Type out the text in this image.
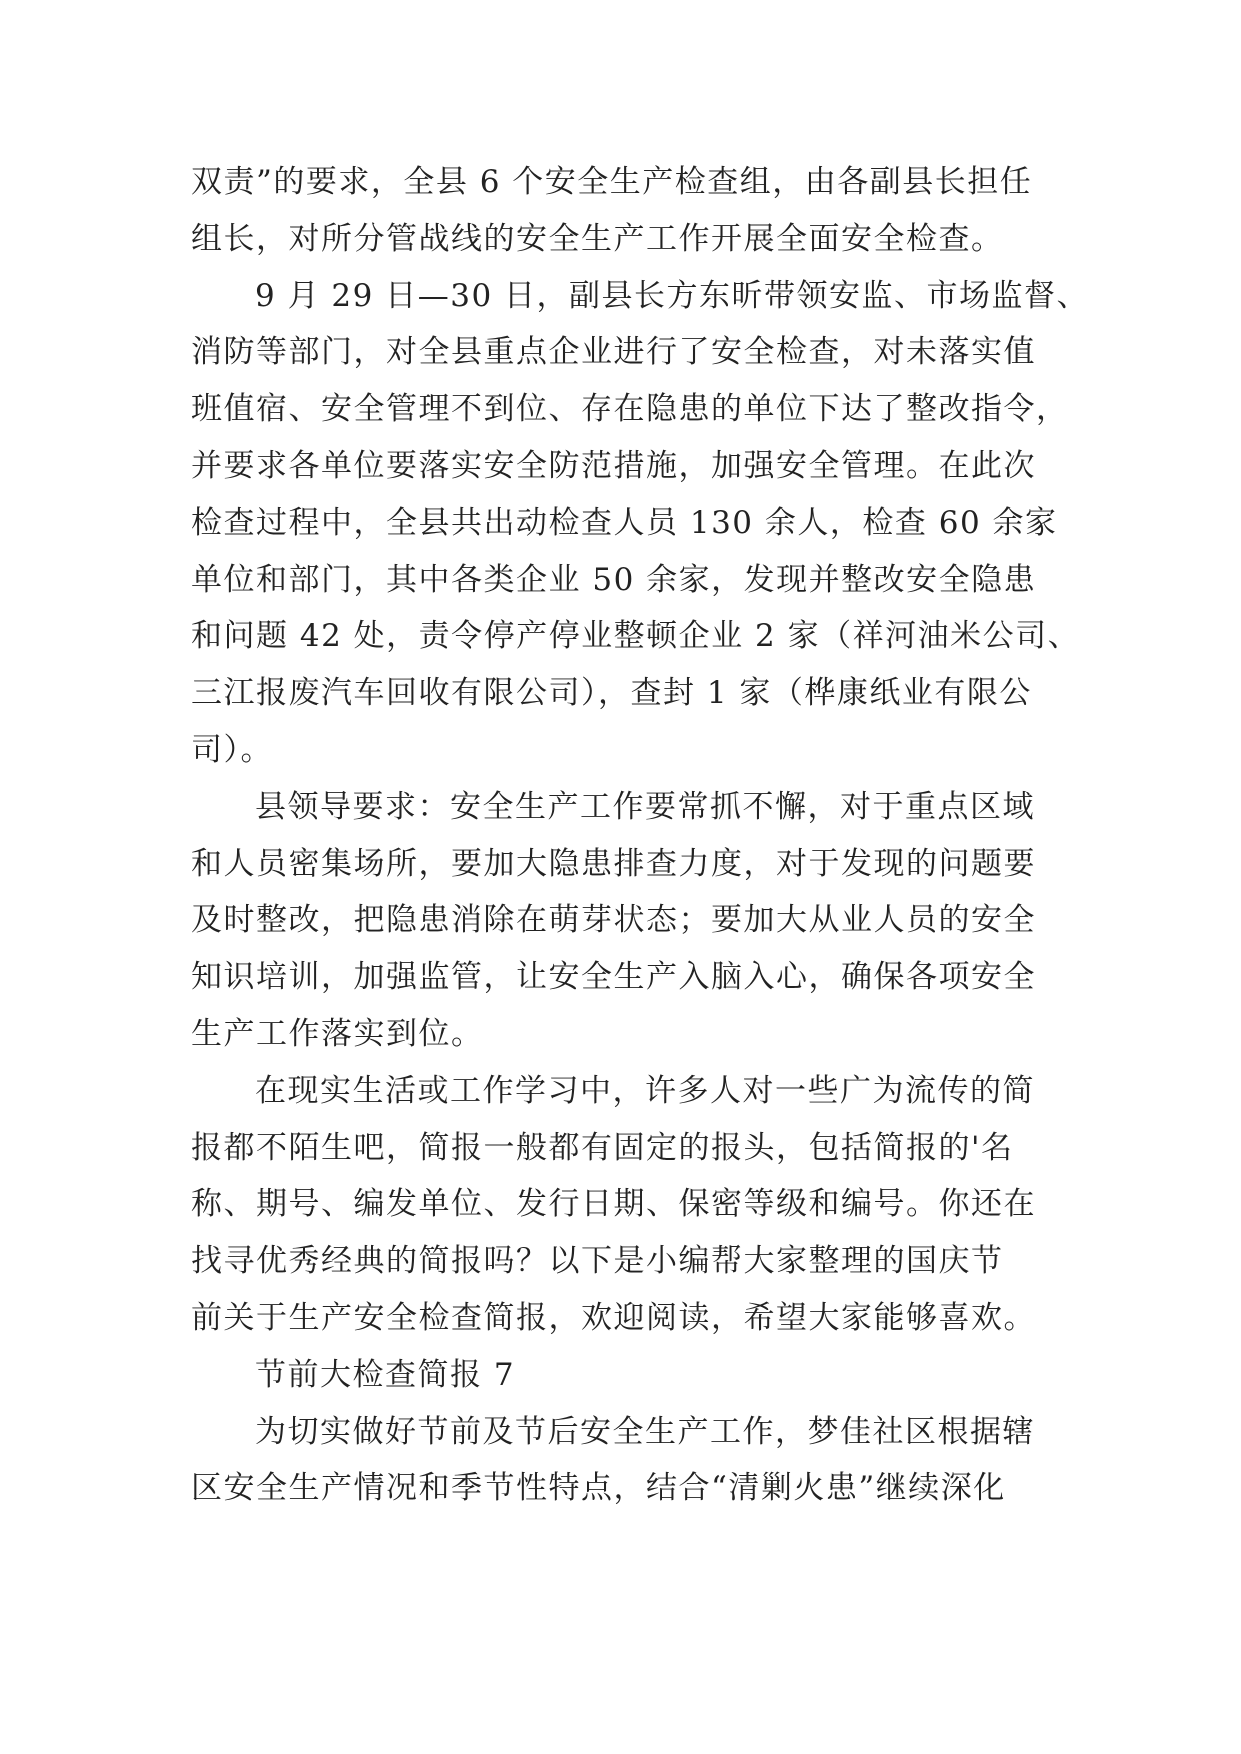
双责”的要求，全县 6 个安全生产检查组，由各副县长担任
组长，对所分管战线的安全生产工作开展全面安全检查。
9 月 29 日—30 日，副县长方东昕带领安监、市场监督、
消防等部门，对全县重点企业进行了安全检查，对未落实值
班值宿、安全管理不到位、存在隐患的单位下达了整改指令，
并要求各单位要落实安全防范措施，加强安全管理。在此次
检查过程中，全县共出动检查人员 130 余人，检查 60 余家
单位和部门，其中各类企业 50 余家，发现并整改安全隐患
和问题 42 处，责令停产停业整顿企业 2 家（祥河油米公司、
三江报废汽车回收有限公司），查封 1 家（桦康纸业有限公
司）。
县领导要求：安全生产工作要常抓不懈，对于重点区域
和人员密集场所，要加大隐患排查力度，对于发现的问题要
及时整改，把隐患消除在萌芽状态；要加大从业人员的安全
知识培训，加强监管，让安全生产入脑入心，确保各项安全
生产工作落实到位。
在现实生活或工作学习中，许多人对一些广为流传的简
报都不陌生吧，简报一般都有固定的报头，包括简报的'名
称、期号、编发单位、发行日期、保密等级和编号。你还在
找寻优秀经典的简报吗？以下是小编帮大家整理的国庆节
前关于生产安全检查简报，欢迎阅读，希望大家能够喜欢。
节前大检查简报 7
为切实做好节前及节后安全生产工作，梦佳社区根据辖
区安全生产情况和季节性特点，结合“清剿火患”继续深化
